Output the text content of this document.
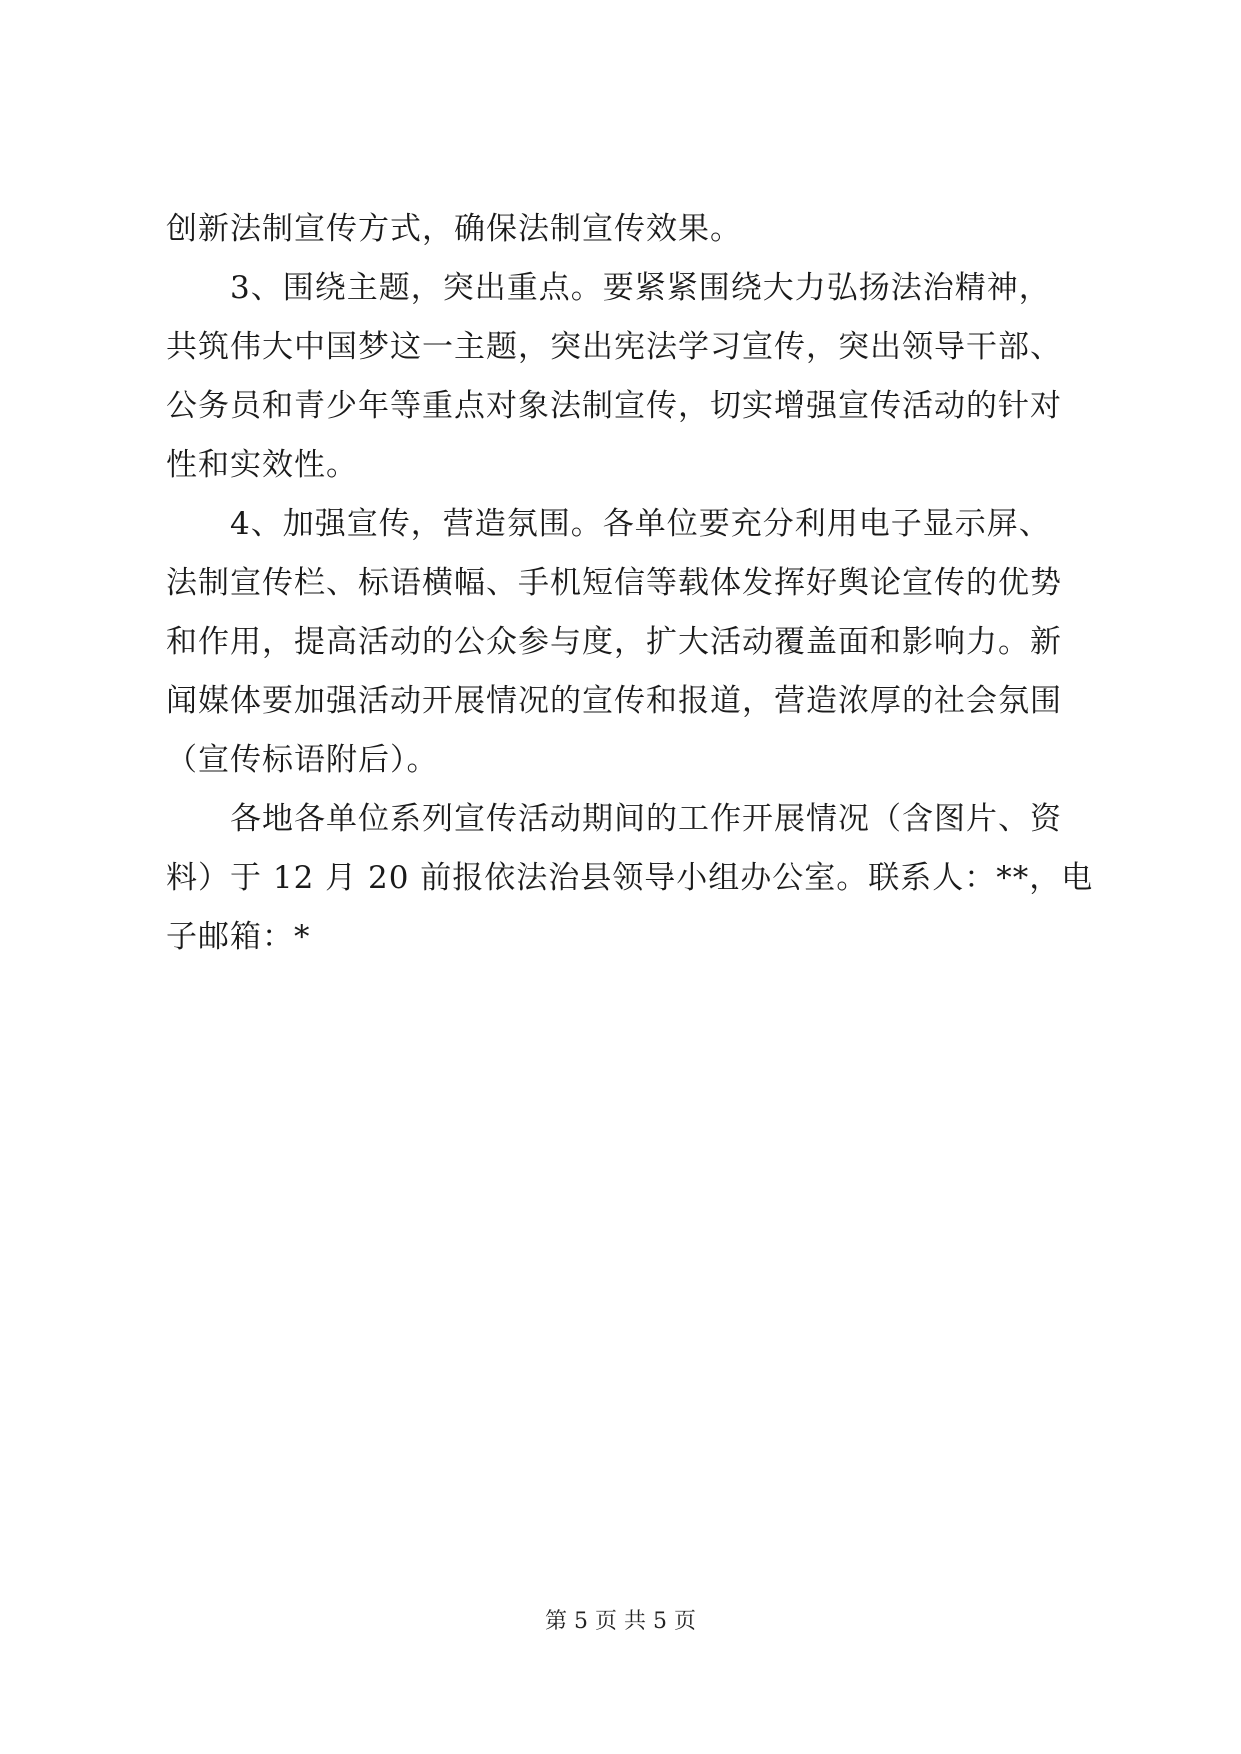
创新法制宣传方式，确保法制宣传效果。
3、围绕主题，突出重点。要紧紧围绕大力弘扬法治精神，
共筑伟大中国梦这一主题，突出宪法学习宣传，突出领导干部、
公务员和青少年等重点对象法制宣传，切实增强宣传活动的针对
性和实效性。
4、加强宣传，营造氛围。各单位要充分利用电子显示屏、
法制宣传栏、标语横幅、手机短信等载体发挥好舆论宣传的优势
和作用，提高活动的公众参与度，扩大活动覆盖面和影响力。新
闻媒体要加强活动开展情况的宣传和报道，营造浓厚的社会氛围
（宣传标语附后）。
各地各单位系列宣传活动期间的工作开展情况（含图片、资
料）于 12 月 20 前报依法治县领导小组办公室。联系人：**，电
子邮箱：*
第 5 页 共 5 页
